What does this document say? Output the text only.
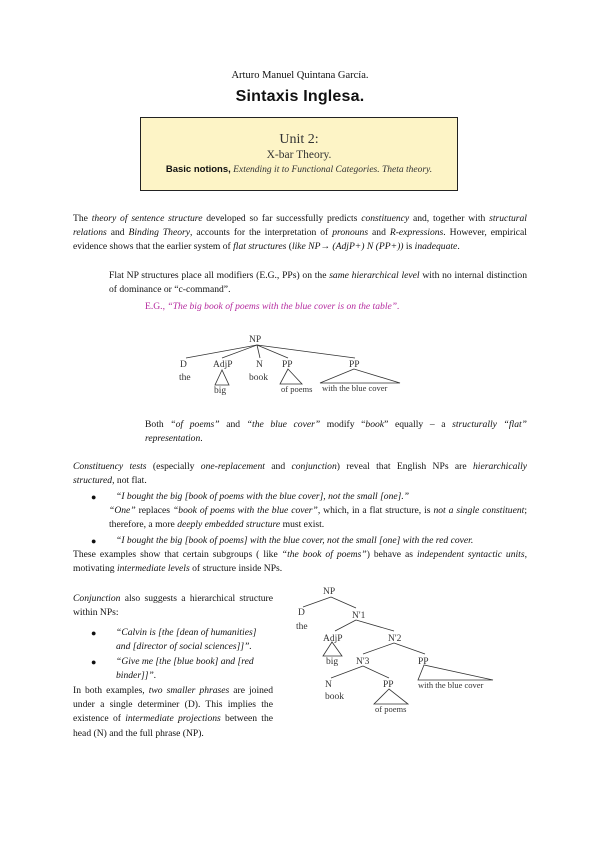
Arturo Manuel Quintana García.
Sintaxis Inglesa.
Unit 2:
X-bar Theory.
Basic notions, Extending it to Functional Categories. Theta theory.

The theory of sentence structure developed so far successfully predicts constituency and, together with structural relations and Binding Theory, accounts for the interpretation of pronouns and R-expressions. However, empirical evidence shows that the earlier system of flat structures (like NP→ (AdjP+) N (PP+)) is inadequate.

Flat NP structures place all modifiers (E.G., PPs) on the same hierarchical level with no internal distinction of dominance or “c-command”.

E.G., “The big book of poems with the blue cover is on the table”.

NP
D
the
AdjP
big
N
book
PP
of poems
PP
with the blue cover

Both “of poems” and “the blue cover” modify “book” equally – a structurally “flat” representation.

Constituency tests (especially one-replacement and conjunction) reveal that English NPs are hierarchically structured, not flat.

● “I bought the big [book of poems with the blue cover], not the small [one].”

“One” replaces “book of poems with the blue cover”, which, in a flat structure, is not a single constituent; therefore, a more deeply embedded structure must exist.

● “I bought the big [book of poems] with the blue cover, not the small [one] with the red cover.

These examples show that certain subgroups ( like “the book of poems”) behave as independent syntactic units, motivating intermediate levels of structure inside NPs.

Conjunction also suggests a hierarchical structure within NPs:

● “Calvin is [the [dean of humanities] and [director of social sciences]]”.

● “Give me [the [blue book] and [red binder]]”.

In both examples, two smaller phrases are joined under a single determiner (D). This implies the existence of intermediate projections between the head (N) and the full phrase (NP).

NP
D
the
N'1
AdjP
big
N'2
N'3	PP
with the blue cover
N
book
PP
of poems
